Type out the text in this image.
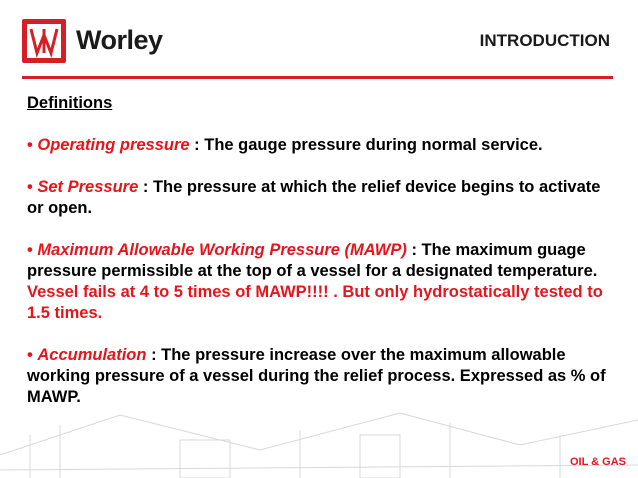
Worley	INTRODUCTION
Definitions
• Operating pressure : The gauge pressure during normal service.
• Set Pressure : The pressure at which the relief device begins to activate or open.
• Maximum Allowable Working Pressure (MAWP) : The maximum guage pressure permissible at the top of a vessel for a designated temperature.
Vessel fails at 4 to 5 times of MAWP!!!! . But only hydrostatically tested to 1.5 times.
• Accumulation : The pressure increase over the maximum allowable working pressure of a vessel during the relief process. Expressed as % of MAWP.
OIL & GAS
